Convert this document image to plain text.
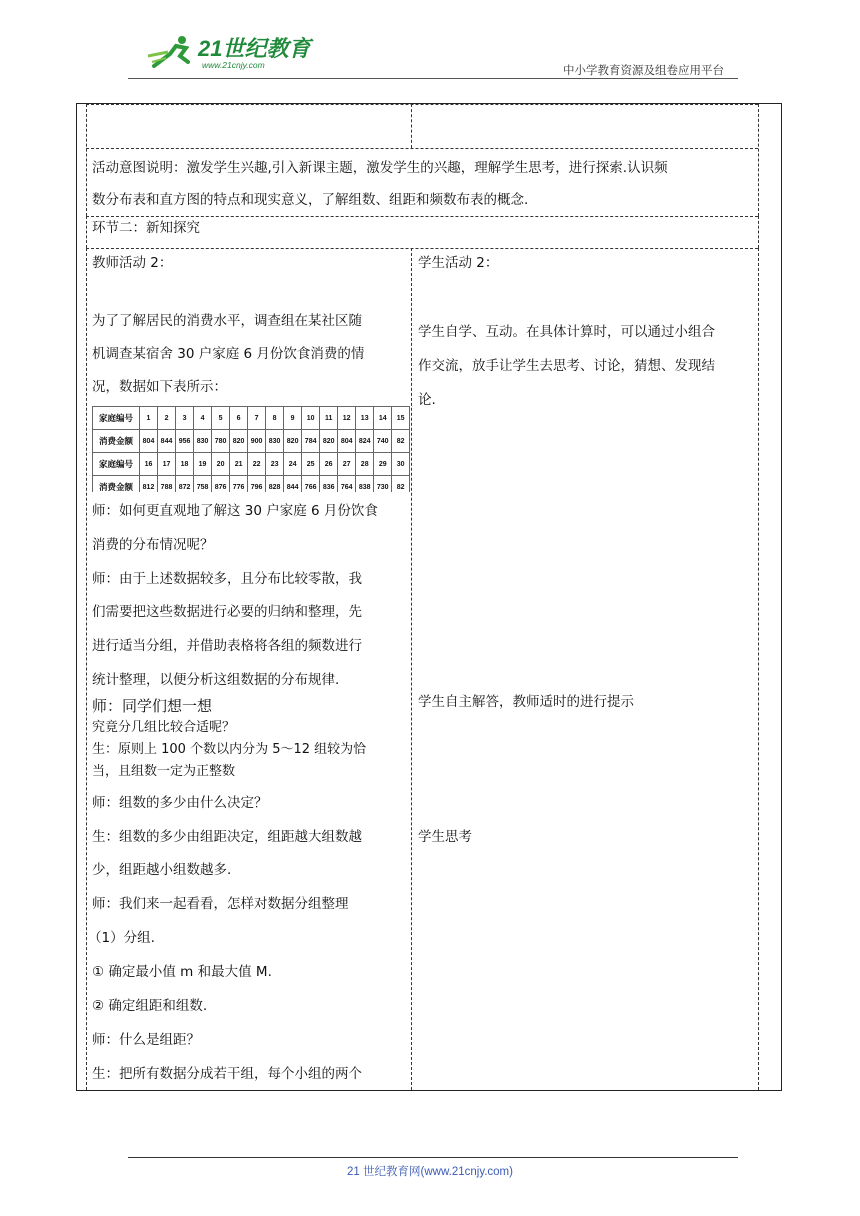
21世纪教育
www.21cnjy.com	中小学教育资源及组卷应用平台
活动意图说明：激发学生兴趣,引入新课主题，激发学生的兴趣，理解学生思考，进行探索.认识频
数分布表和直方图的特点和现实意义，了解组数、组距和频数布表的概念.
环节二：新知探究
教师活动 2：
为了了解居民的消费水平，调查组在某社区随
机调查某宿舍 30 户家庭 6 月份饮食消费的情
况，数据如下表所示：
家庭编号	1	2	3	4	5	6	7	8	9	10	11	12	13	14	15
消费金额	804	844	956	830	780	820	900	830	820	784	820	804	824	740	82
家庭编号	16	17	18	19	20	21	22	23	24	25	26	27	28	29	30
消费金额	812	788	872	758	876	776	796	828	844	766	836	764	838	730	82
师：如何更直观地了解这 30 户家庭 6 月份饮食
消费的分布情况呢？
师：由于上述数据较多，且分布比较零散，我
们需要把这些数据进行必要的归纳和整理，先
进行适当分组，并借助表格将各组的频数进行
统计整理，以便分析这组数据的分布规律.
师：同学们想一想
究竟分几组比较合适呢？
生：原则上 100 个数以内分为 5～12 组较为恰
当，且组数一定为正整数
师：组数的多少由什么决定？
生：组数的多少由组距决定，组距越大组数越
少，组距越小组数越多.
师：我们来一起看看，怎样对数据分组整理
（1）分组.
① 确定最小值 m 和最大值 M.
② 确定组距和组数.
师：什么是组距？
生：把所有数据分成若干组，每个小组的两个
学生活动 2：
学生自学、互动。在具体计算时，可以通过小组合
作交流，放手让学生去思考、讨论，猜想、发现结
论.
学生自主解答，教师适时的进行提示
学生思考
21 世纪教育网(www.21cnjy.com)
